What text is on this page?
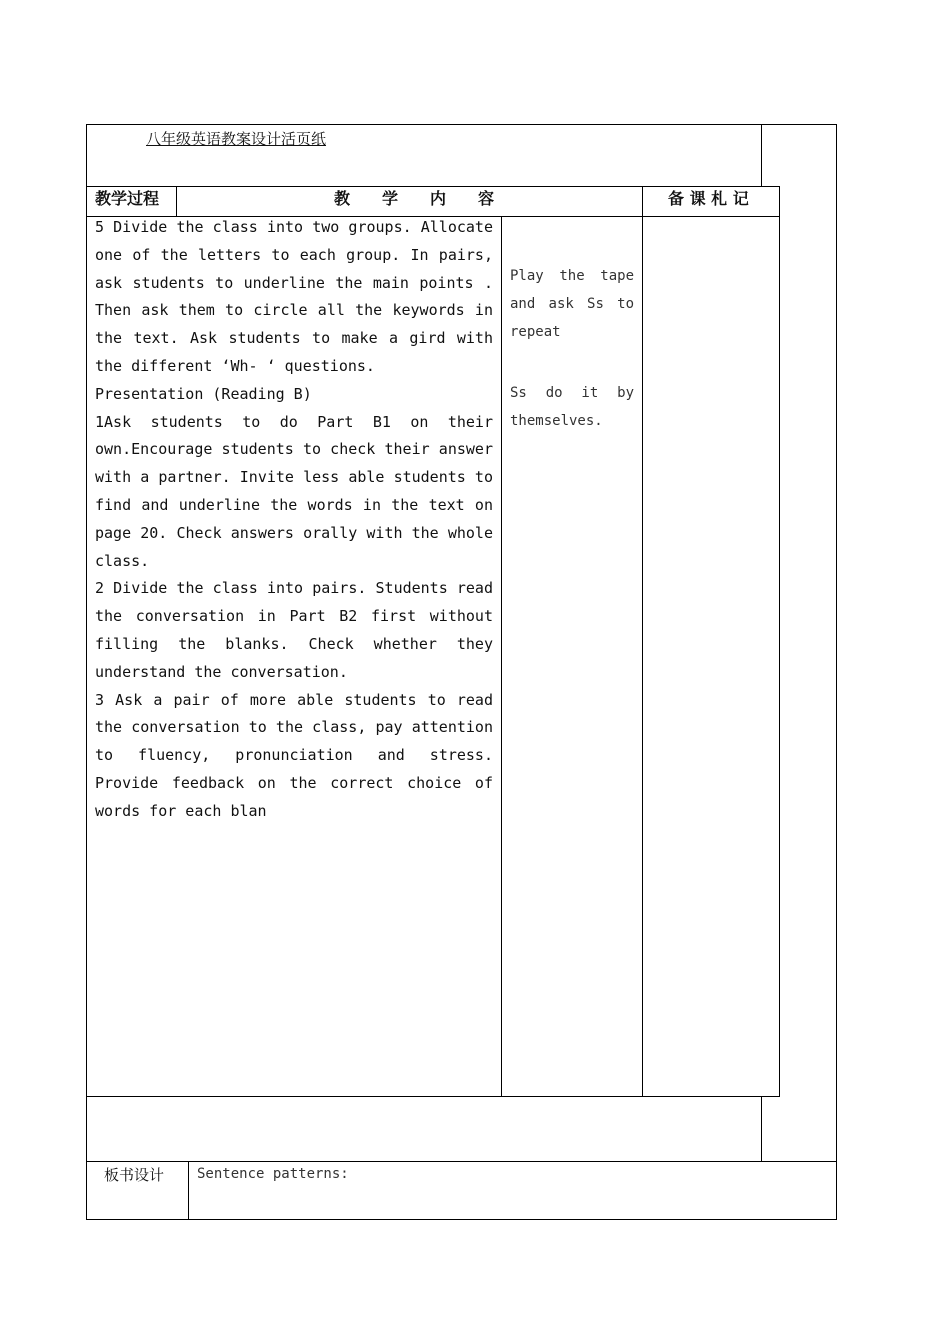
八年级英语教案设计活页纸
教学过程	教　　学　　内　　容	备 课 札 记

5 Divide the class into two groups. Allocate one of the letters to each group. In pairs, ask students to underline the main points . Then ask them to circle all the keywords in the text. Ask students to make a gird with the different ‘Wh- ‘ questions.

Presentation (Reading B)

1Ask students to do Part B1 on their own.Encourage students to check their answer with a partner. Invite less able students to find and underline the words in the text on page 20. Check answers orally with the whole class.

2 Divide the class into pairs. Students read the conversation in Part B2 first without filling the blanks. Check whether they understand the conversation.

3 Ask a pair of more able students to read the conversation to the class, pay attention to fluency, pronunciation and stress. Provide feedback on the correct choice of words for each blan

Play the tape and ask Ss to repeat
Ss do it by themselves.
板书设计 Sentence patterns:
